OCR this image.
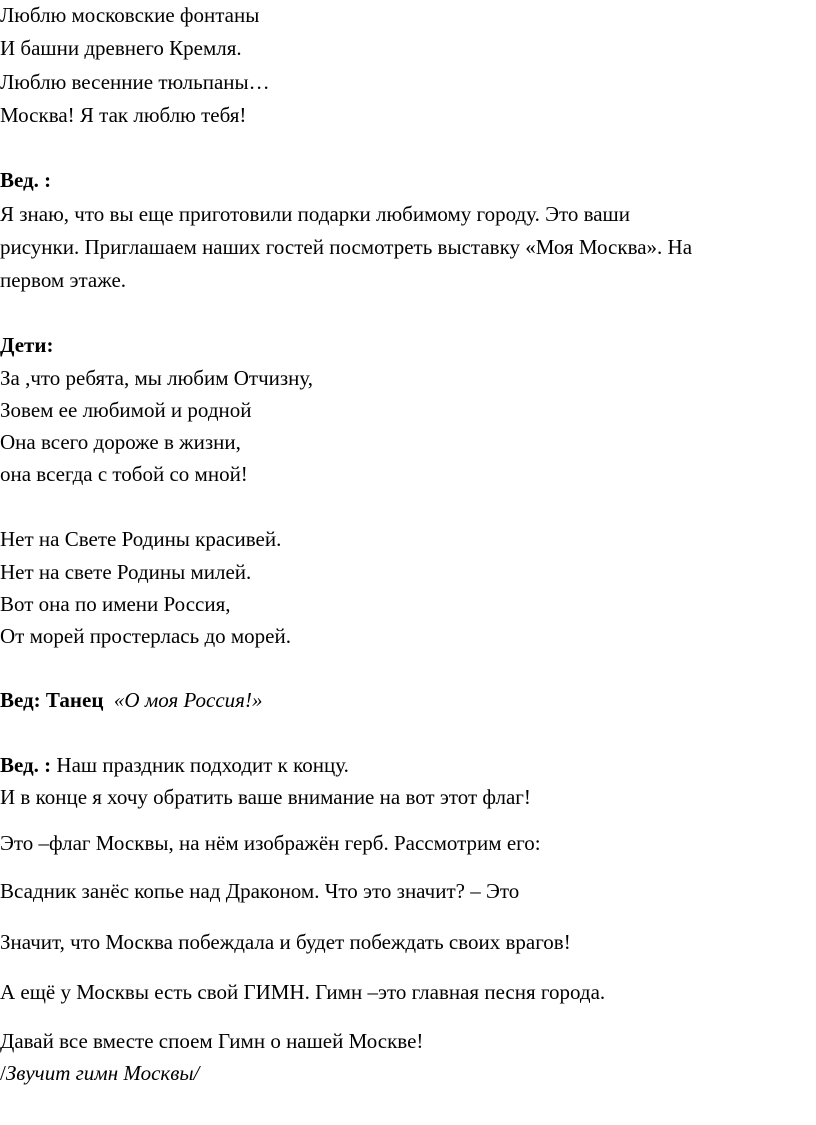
Люблю московские фонтаны
И башни древнего Кремля.
Люблю весенние тюльпаны…
Москва! Я так люблю тебя!
Вед. :
Я знаю, что вы еще приготовили подарки любимому городу. Это ваши
рисунки. Приглашаем наших гостей посмотреть выставку «Моя Москва». На
первом этаже.
Дети:
За ,что ребята, мы любим Отчизну,
Зовем ее любимой и родной
Она всего дороже в жизни,
она всегда с тобой со мной!
Нет на Свете Родины красивей.
Нет на свете Родины милей.
Вот она по имени Россия,
От морей простерлась до морей.
Вед: Танец «О моя Россия!»
Вед. : Наш праздник подходит к концу.
И в конце я хочу обратить ваше внимание на вот этот флаг!
Это –флаг Москвы, на нём изображён герб. Рассмотрим его:
Всадник занёс копье над Драконом. Что это значит? – Это
Значит, что Москва побеждала и будет побеждать своих врагов!
А ещё у Москвы есть свой ГИМН. Гимн –это главная песня города.
Давай все вместе споем Гимн о нашей Москве!
/Звучит гимн Москвы/
